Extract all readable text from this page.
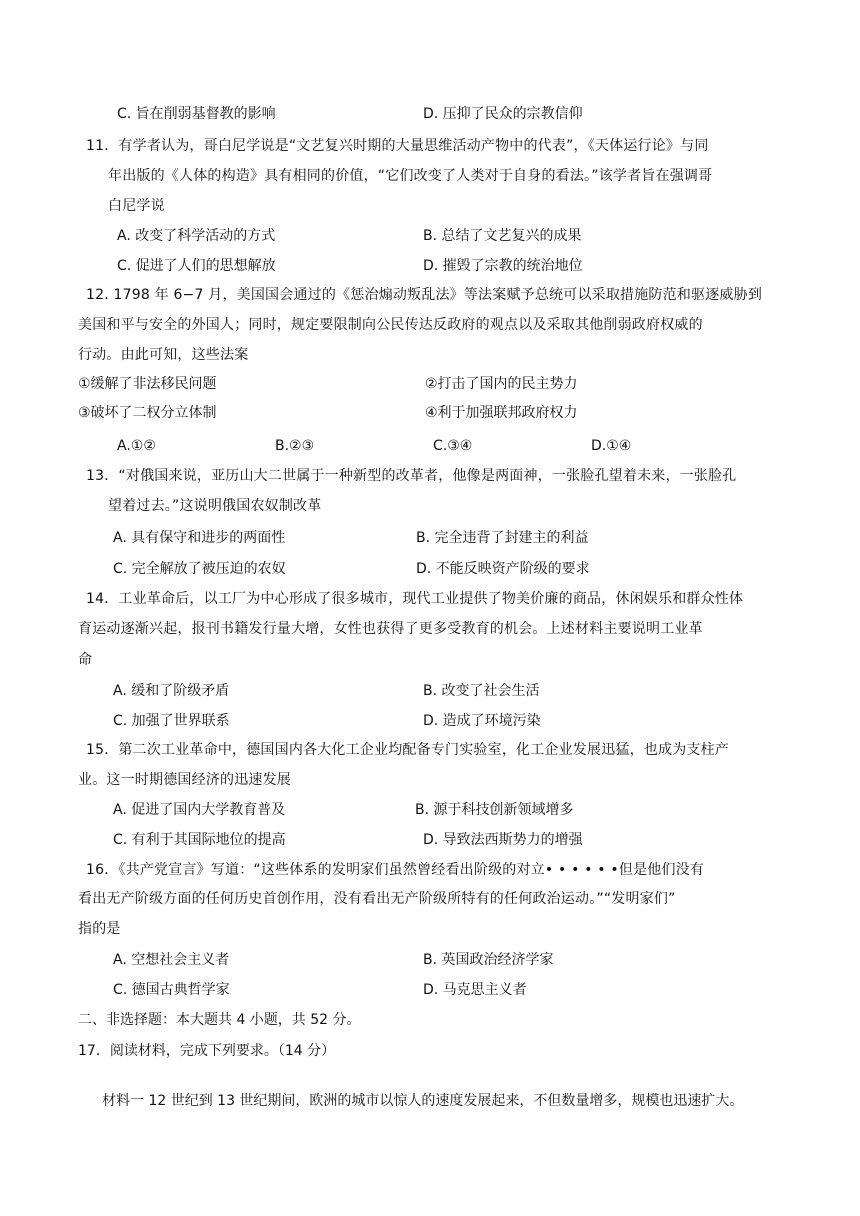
C. 旨在削弱基督教的影响	D. 压抑了民众的宗教信仰
11．有学者认为，哥白尼学说是“文艺复兴时期的大量思维活动产物中的代表”，《天体运行论》与同
年出版的《人体的构造》具有相同的价值，“它们改变了人类对于自身的看法。”该学者旨在强调哥
白尼学说
A. 改变了科学活动的方式	B. 总结了文艺复兴的成果
C. 促进了人们的思想解放	D. 摧毁了宗教的统治地位
12. 1798 年 6−7 月，美国国会通过的《惩治煽动叛乱法》等法案赋予总统可以采取措施防范和驱逐威胁到
美国和平与安全的外国人；同时，规定要限制向公民传达反政府的观点以及采取其他削弱政府权威的
行动。由此可知，这些法案
①缓解了非法移民问题	②打击了国内的民主势力
③破坏了二权分立体制	④利于加强联邦政府权力
A.①②	B.②③	C.③④	D.①④
13．“对俄国来说，亚历山大二世属于一种新型的改革者，他像是两面神，一张脸孔望着未来，一张脸孔
望着过去。”这说明俄国农奴制改革
A. 具有保守和进步的两面性	B. 完全违背了封建主的利益
C. 完全解放了被压迫的农奴	D. 不能反映资产阶级的要求
14．工业革命后，以工厂为中心形成了很多城市，现代工业提供了物美价廉的商品，休闲娱乐和群众性体
育运动逐渐兴起，报刊书籍发行量大增，女性也获得了更多受教育的机会。上述材料主要说明工业革
命
A. 缓和了阶级矛盾	B. 改变了社会生活
C. 加强了世界联系	D. 造成了环境污染
15．第二次工业革命中，德国国内各大化工企业均配备专门实验室，化工企业发展迅猛，也成为支柱产
业。这一时期德国经济的迅速发展
A. 促进了国内大学教育普及	B. 源于科技创新领域增多
C. 有利于其国际地位的提高	D. 导致法西斯势力的增强
16．《共产党宣言》写道：“这些体系的发明家们虽然曾经看出阶级的对立• • • • • •但是他们没有
看出无产阶级方面的任何历史首创作用，没有看出无产阶级所特有的任何政治运动。”“发明家们”
指的是
A. 空想社会主义者	B. 英国政治经济学家
C. 德国古典哲学家	D. 马克思主义者
二、非选择题：本大题共 4 小题，共 52 分。
17．阅读材料，完成下列要求。（14 分）
材料一 12 世纪到 13 世纪期间，欧洲的城市以惊人的速度发展起来，不但数量增多，规模也迅速扩大。
